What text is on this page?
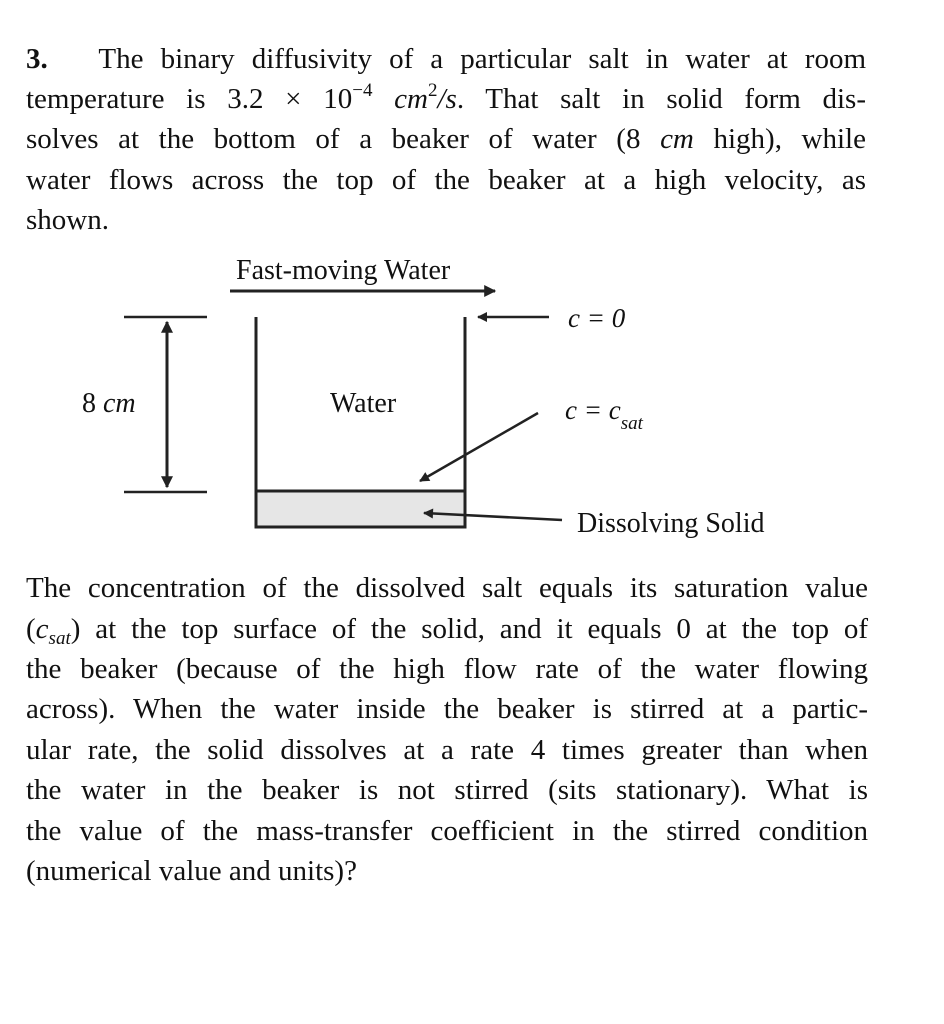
3. The binary diffusivity of a particular salt in water at room
temperature is $3.2 \times 10^{-4}$ $cm^2/s$. That salt in solid form dis-
solves at the bottom of a beaker of water (8 cm high), while
water flows across the top of the beaker at a high velocity, as
shown.
The concentration of the dissolved salt equals its saturation value
$(c_{sat})$ at the top surface of the solid, and it equals 0 at the top of
the beaker (because of the high flow rate of the water flowing
across). When the water inside the beaker is stirred at a partic-
ular rate, the solid dissolves at a rate 4 times greater than when
the water in the beaker is not stirred (sits stationary). What is
the value of the mass-transfer coefficient in the stirred condition
(numerical value and units)?
Fast-moving Water
8 cm	Water
c = 0
$c = c_{sat}$
Dissolving Solid
